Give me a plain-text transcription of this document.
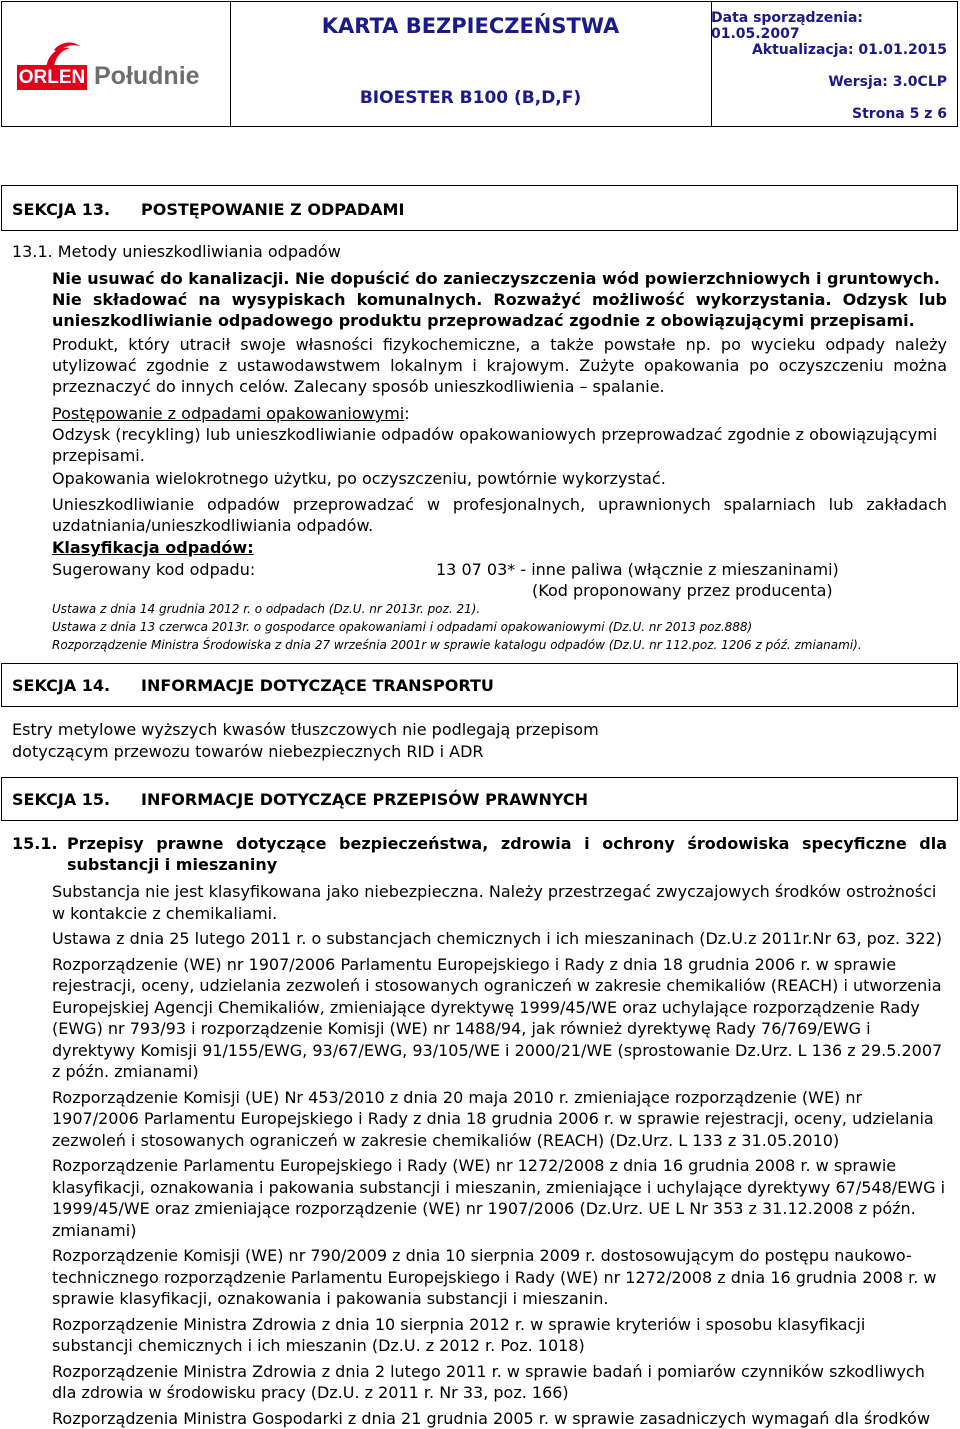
ORLEN Południe
KARTA BEZPIECZEŃSTWA
BIOESTER B100 (B,D,F)
Data sporządzenia: 01.05.2007
Aktualizacja: 01.01.2015
Wersja: 3.0CLP
Strona 5 z 6
SEKCJA 13. POSTĘPOWANIE Z ODPADAMI
13.1. Metody unieszkodliwiania odpadów
Nie usuwać do kanalizacji. Nie dopuścić do zanieczyszczenia wód powierzchniowych i gruntowych.
Nie składować na wysypiskach komunalnych. Rozważyć możliwość wykorzystania. Odzysk lub
unieszkodliwianie odpadowego produktu przeprowadzać zgodnie z obowiązującymi przepisami.
Produkt, który utracił swoje własności fizykochemiczne, a także powstałe np. po wycieku odpady należy
utylizować zgodnie z ustawodawstwem lokalnym i krajowym. Zużyte opakowania po oczyszczeniu można
przeznaczyć do innych celów. Zalecany sposób unieszkodliwienia – spalanie.
Postępowanie z odpadami opakowaniowymi:
Odzysk (recykling) lub unieszkodliwianie odpadów opakowaniowych przeprowadzać zgodnie z obowiązującymi
przepisami.
Opakowania wielokrotnego użytku, po oczyszczeniu, powtórnie wykorzystać.
Unieszkodliwianie odpadów przeprowadzać w profesjonalnych, uprawnionych spalarniach lub zakładach
uzdatniania/unieszkodliwiania odpadów.
Klasyfikacja odpadów:
Sugerowany kod odpadu:	13 07 03* - inne paliwa (włącznie z mieszaninami)
(Kod proponowany przez producenta)
Ustawa z dnia 14 grudnia 2012 r. o odpadach (Dz.U. nr 2013r. poz. 21).
Ustawa z dnia 13 czerwca 2013r. o gospodarce opakowaniami i odpadami opakowaniowymi (Dz.U. nr 2013 poz.888)
Rozporządzenie Ministra Środowiska z dnia 27 września 2001r w sprawie katalogu odpadów (Dz.U. nr 112.poz. 1206 z póź. zmianami).
SEKCJA 14. INFORMACJE DOTYCZĄCE TRANSPORTU
Estry metylowe wyższych kwasów tłuszczowych nie podlegają przepisom
dotyczącym przewozu towarów niebezpiecznych RID i ADR
SEKCJA 15. INFORMACJE DOTYCZĄCE PRZEPISÓW PRAWNYCH
15.1. Przepisy prawne dotyczące bezpieczeństwa, zdrowia i ochrony środowiska specyficzne dla
substancji i mieszaniny

Substancja nie jest klasyfikowana jako niebezpieczna. Należy przestrzegać zwyczajowych środków ostrożności w kontakcie z chemikaliami.

Ustawa z dnia 25 lutego 2011 r. o substancjach chemicznych i ich mieszaninach (Dz.U.z 2011r.Nr 63, poz. 322)

Rozporządzenie (WE) nr 1907/2006 Parlamentu Europejskiego i Rady z dnia 18 grudnia 2006 r. w sprawie rejestracji, oceny, udzielania zezwoleń i stosowanych ograniczeń w zakresie chemikaliów (REACH) i utworzenia Europejskiej Agencji Chemikaliów, zmieniające dyrektywę 1999/45/WE oraz uchylające rozporządzenie Rady (EWG) nr 793/93 i rozporządzenie Komisji (WE) nr 1488/94, jak również dyrektywę Rady 76/769/EWG i dyrektywy Komisji 91/155/EWG, 93/67/EWG, 93/105/WE i 2000/21/WE (sprostowanie Dz.Urz. L 136 z 29.5.2007 z późn. zmianami)

Rozporządzenie Komisji (UE) Nr 453/2010 z dnia 20 maja 2010 r. zmieniające rozporządzenie (WE) nr 1907/2006 Parlamentu Europejskiego i Rady z dnia 18 grudnia 2006 r. w sprawie rejestracji, oceny, udzielania zezwoleń i stosowanych ograniczeń w zakresie chemikaliów (REACH) (Dz.Urz. L 133 z 31.05.2010)

Rozporządzenie Parlamentu Europejskiego i Rady (WE) nr 1272/2008 z dnia 16 grudnia 2008 r. w sprawie klasyfikacji, oznakowania i pakowania substancji i mieszanin, zmieniające i uchylające dyrektywy 67/548/EWG i 1999/45/WE oraz zmieniające rozporządzenie (WE) nr 1907/2006 (Dz.Urz. UE L Nr 353 z 31.12.2008 z późn. zmianami)

Rozporządzenie Komisji (WE) nr 790/2009 z dnia 10 sierpnia 2009 r. dostosowującym do postępu naukowo-technicznego rozporządzenie Parlamentu Europejskiego i Rady (WE) nr 1272/2008 z dnia 16 grudnia 2008 r. w sprawie klasyfikacji, oznakowania i pakowania substancji i mieszanin.

Rozporządzenie Ministra Zdrowia z dnia 10 sierpnia 2012 r. w sprawie kryteriów i sposobu klasyfikacji substancji chemicznych i ich mieszanin (Dz.U. z 2012 r. Poz. 1018)

Rozporządzenie Ministra Zdrowia z dnia 2 lutego 2011 r. w sprawie badań i pomiarów czynników szkodliwych dla zdrowia w środowisku pracy (Dz.U. z 2011 r. Nr 33, poz. 166)

Rozporządzenia Ministra Gospodarki z dnia 21 grudnia 2005 r. w sprawie zasadniczych wymagań dla środków
